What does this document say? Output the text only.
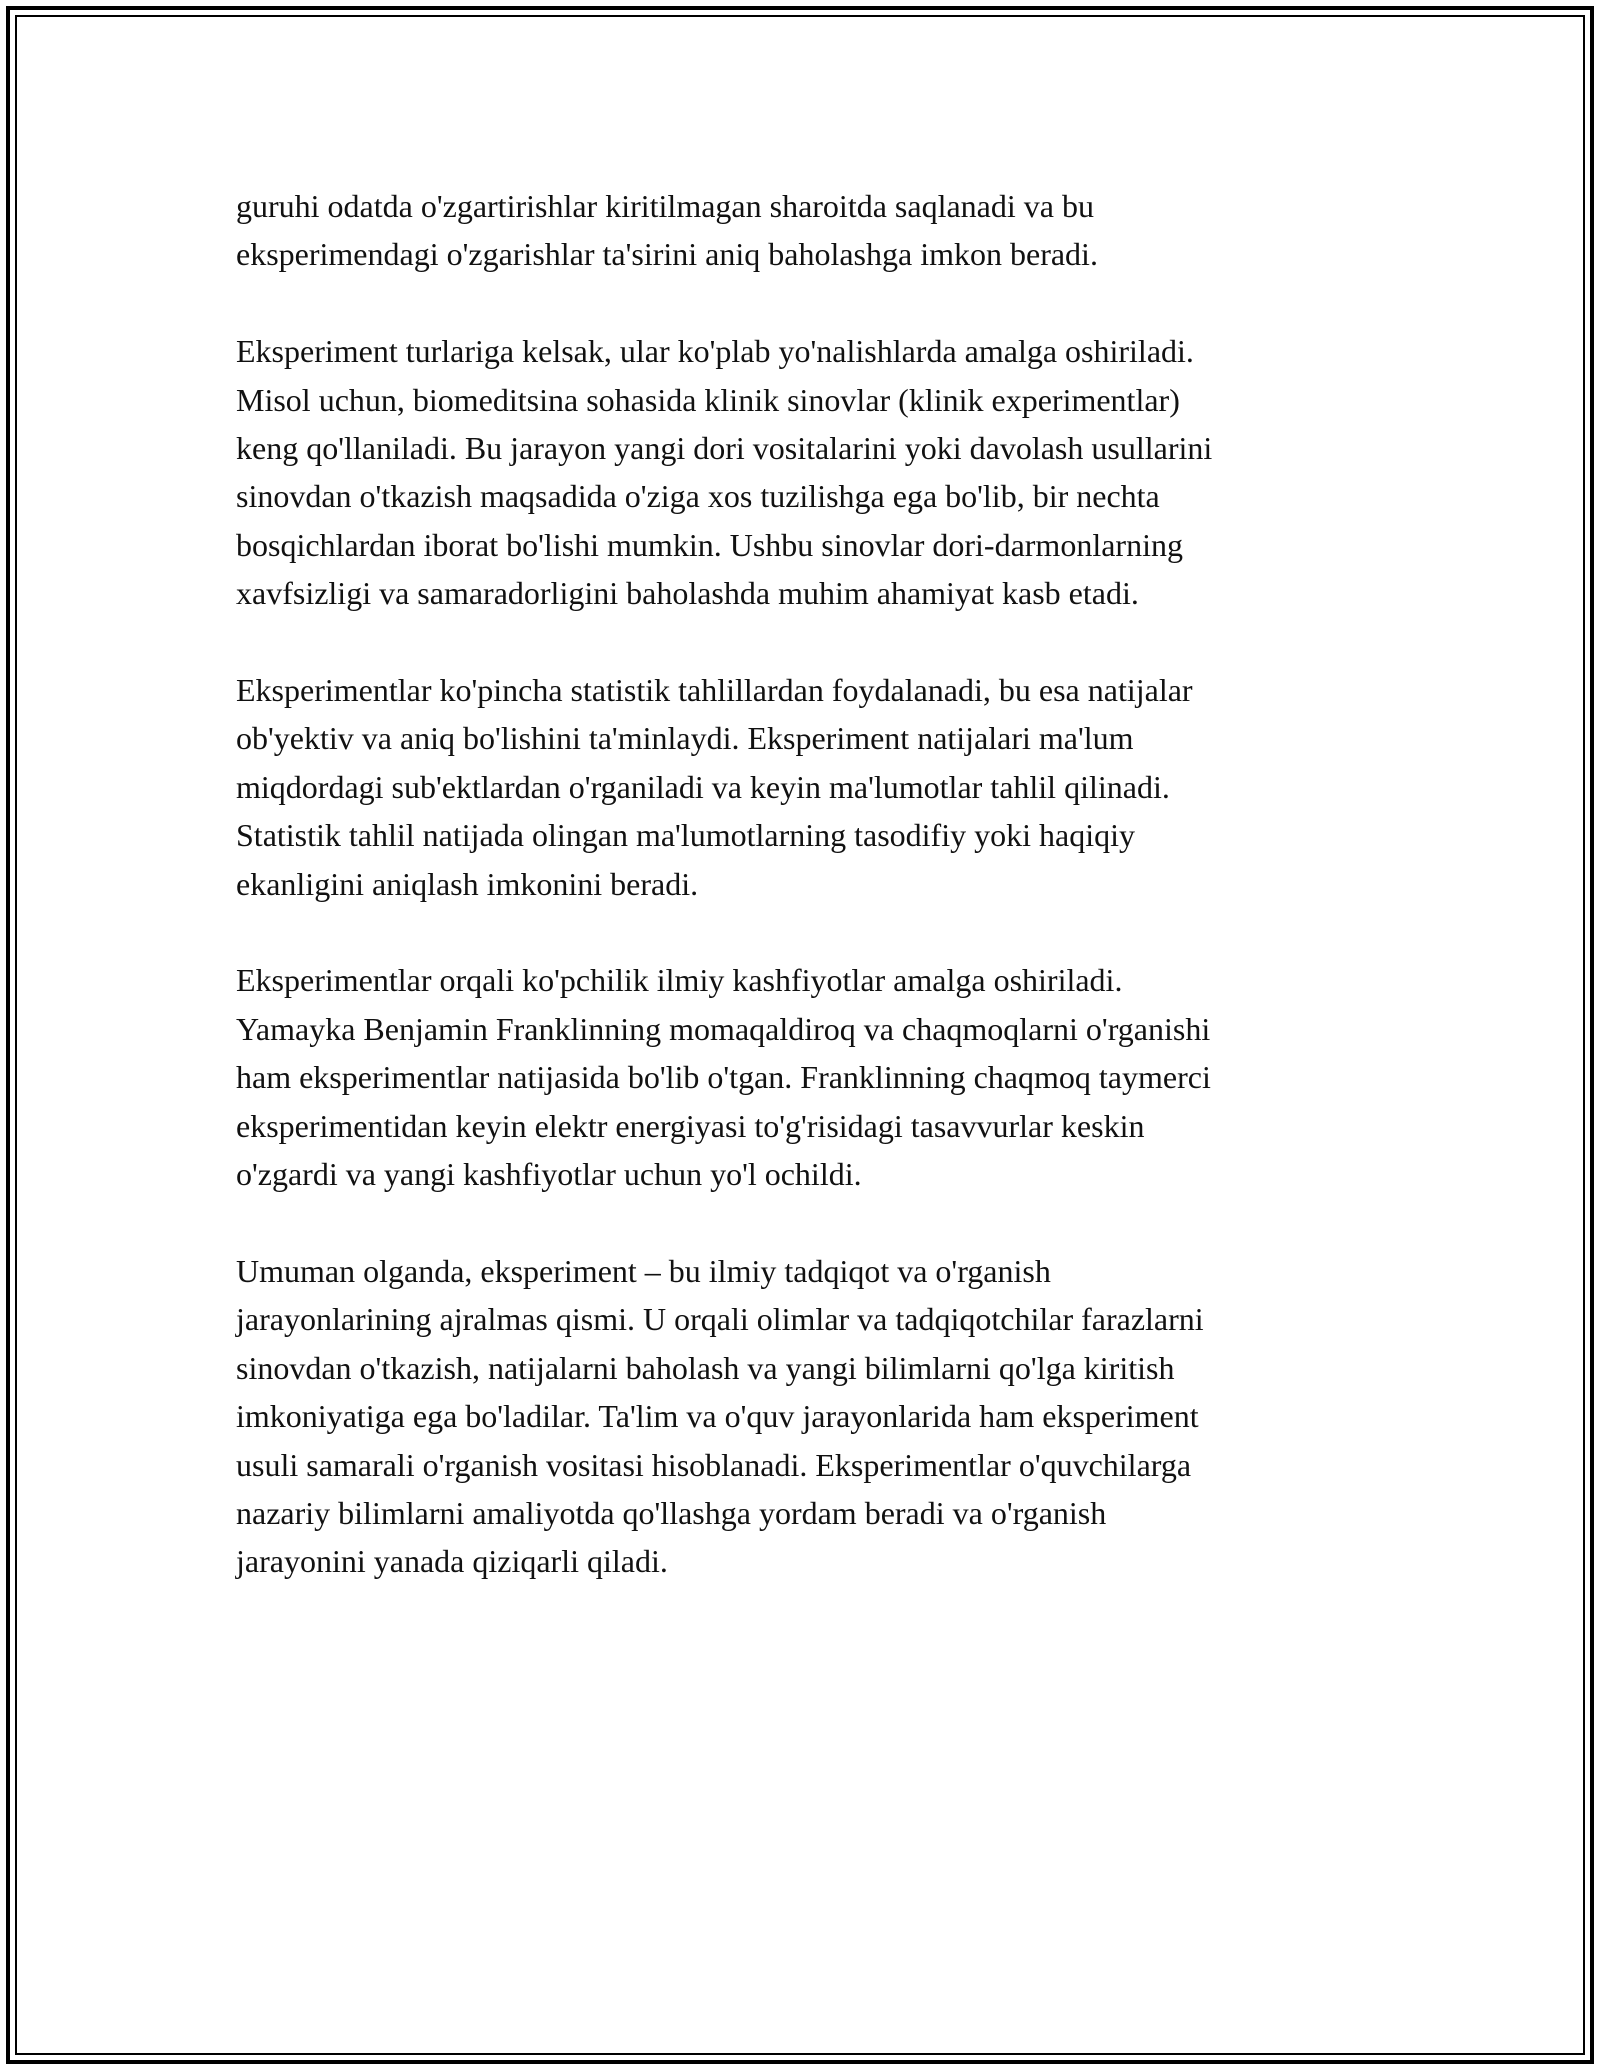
guruhi odatda o'zgartirishlar kiritilmagan sharoitda saqlanadi va bu
eksperimendagi o'zgarishlar ta'sirini aniq baholashga imkon beradi.

Eksperiment turlariga kelsak, ular ko'plab yo'nalishlarda amalga oshiriladi.
Misol uchun, biomeditsina sohasida klinik sinovlar (klinik experimentlar)
keng qo'llaniladi. Bu jarayon yangi dori vositalarini yoki davolash usullarini
sinovdan o'tkazish maqsadida o'ziga xos tuzilishga ega bo'lib, bir nechta
bosqichlardan iborat bo'lishi mumkin. Ushbu sinovlar dori-darmonlarning
xavfsizligi va samaradorligini baholashda muhim ahamiyat kasb etadi.

Eksperimentlar ko'pincha statistik tahlillardan foydalanadi, bu esa natijalar
ob'yektiv va aniq bo'lishini ta'minlaydi. Eksperiment natijalari ma'lum
miqdordagi sub'ektlardan o'rganiladi va keyin ma'lumotlar tahlil qilinadi.
Statistik tahlil natijada olingan ma'lumotlarning tasodifiy yoki haqiqiy
ekanligini aniqlash imkonini beradi.

Eksperimentlar orqali ko'pchilik ilmiy kashfiyotlar amalga oshiriladi.
Yamayka Benjamin Franklinning momaqaldiroq va chaqmoqlarni o'rganishi
ham eksperimentlar natijasida bo'lib o'tgan. Franklinning chaqmoq taymerci
eksperimentidan keyin elektr energiyasi to'g'risidagi tasavvurlar keskin
o'zgardi va yangi kashfiyotlar uchun yo'l ochildi.

Umuman olganda, eksperiment – bu ilmiy tadqiqot va o'rganish
jarayonlarining ajralmas qismi. U orqali olimlar va tadqiqotchilar farazlarni
sinovdan o'tkazish, natijalarni baholash va yangi bilimlarni qo'lga kiritish
imkoniyatiga ega bo'ladilar. Ta'lim va o'quv jarayonlarida ham eksperiment
usuli samarali o'rganish vositasi hisoblanadi. Eksperimentlar o'quvchilarga
nazariy bilimlarni amaliyotda qo'llashga yordam beradi va o'rganish
jarayonini yanada qiziqarli qiladi.
